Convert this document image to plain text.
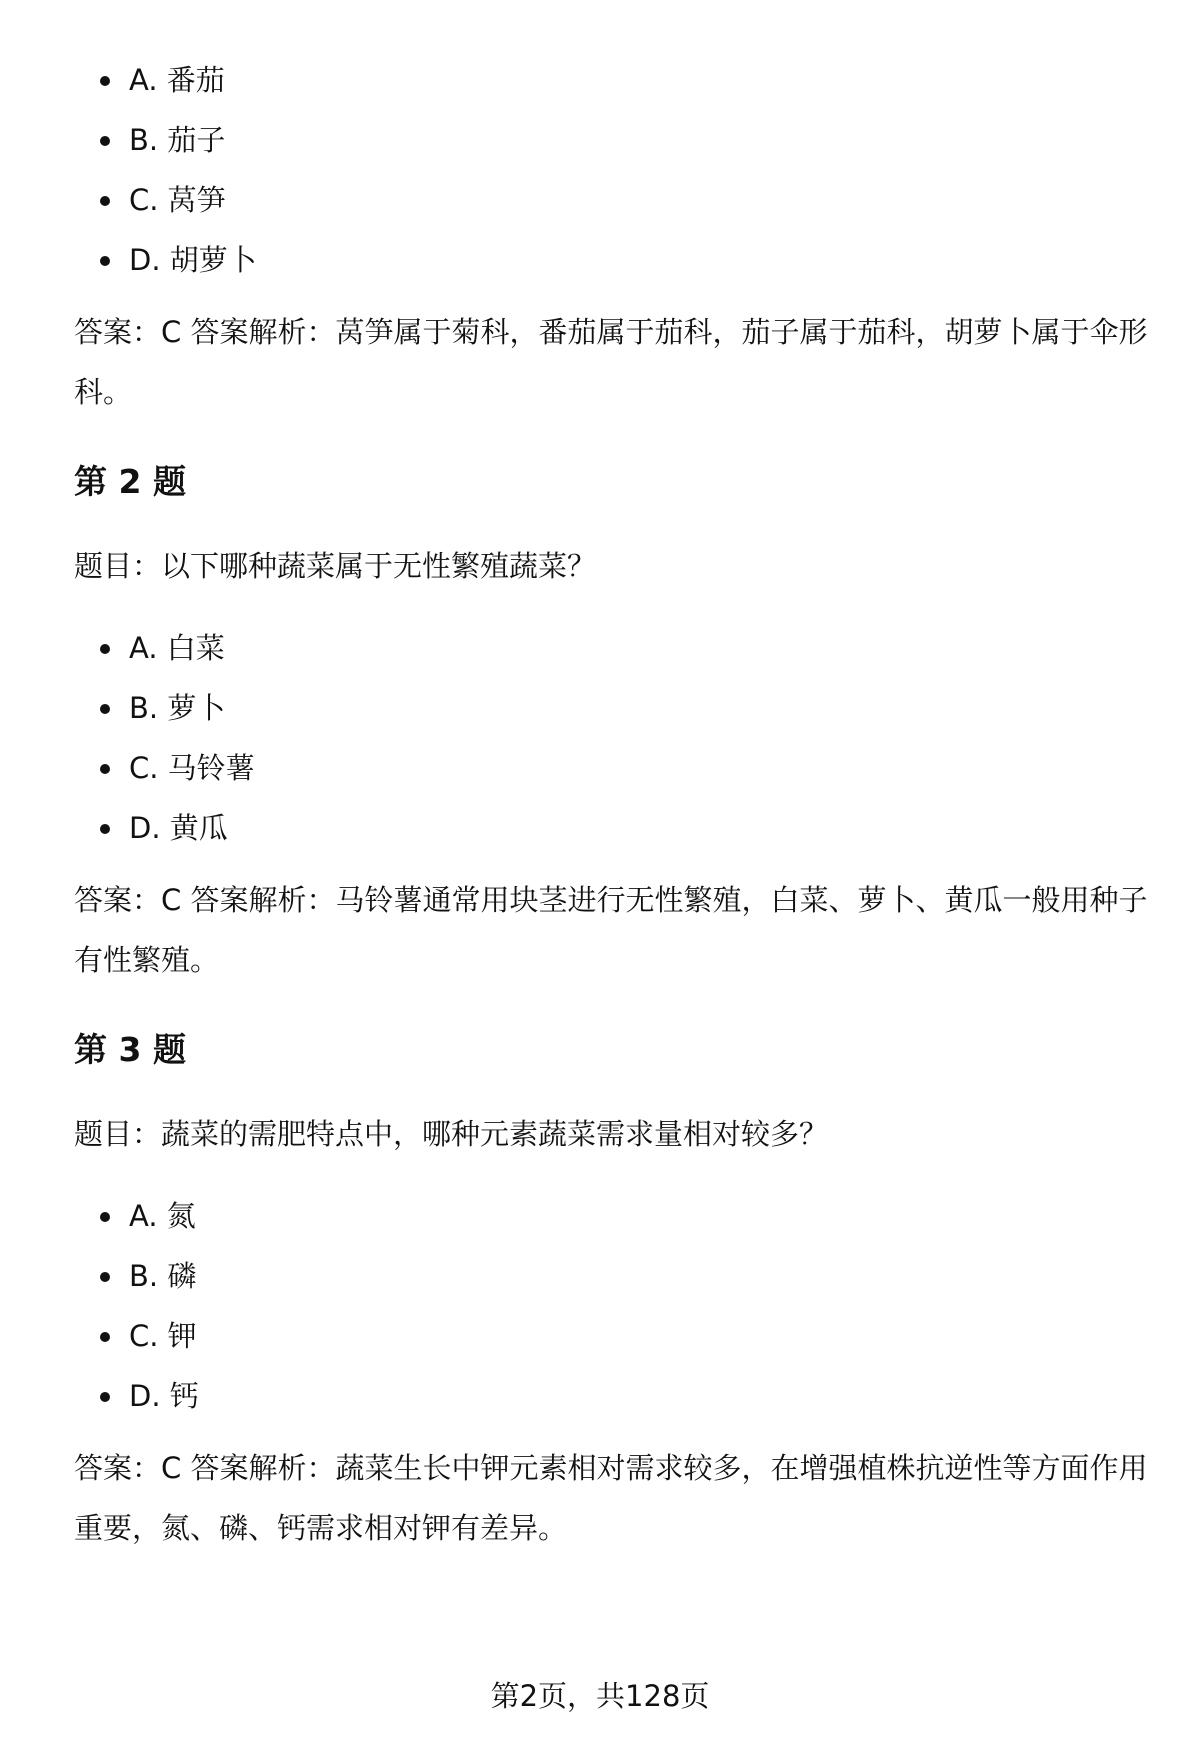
A. 番茄
B. 茄子
C. 莴笋
D. 胡萝卜
答案：C 答案解析：莴笋属于菊科，番茄属于茄科，茄子属于茄科，胡萝卜属于伞形科。
第 2 题
题目：以下哪种蔬菜属于无性繁殖蔬菜？
A. 白菜
B. 萝卜
C. 马铃薯
D. 黄瓜
答案：C 答案解析：马铃薯通常用块茎进行无性繁殖，白菜、萝卜、黄瓜一般用种子有性繁殖。
第 3 题
题目：蔬菜的需肥特点中，哪种元素蔬菜需求量相对较多？
A. 氮
B. 磷
C. 钾
D. 钙
答案：C 答案解析：蔬菜生长中钾元素相对需求较多，在增强植株抗逆性等方面作用重要，氮、磷、钙需求相对钾有差异。
第2页，共128页
